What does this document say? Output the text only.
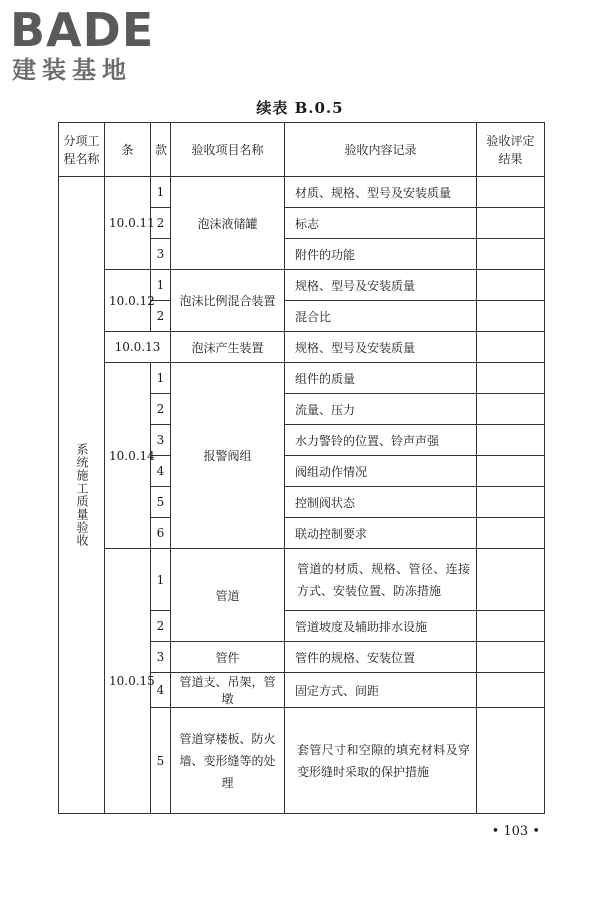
BADE
建装基地
续表 B.0.5
分项工程名称	条	款	验收项目名称	验收内容记录	验收评定结果

系统施工质量验收	10.0.11	1	泡沫液储罐	材质、规格、型号及安装质量	
		2		标志	
		3		附件的功能	
	10.0.12	1	泡沫比例混合装置	规格、型号及安装质量	
		2		混合比	
	10.0.13		泡沫产生装置	规格、型号及安装质量	
	10.0.14	1	报警阀组	组件的质量	
		2		流量、压力	
		3		水力警铃的位置、铃声声强	
		4		阀组动作情况	
		5		控制阀状态	
		6		联动控制要求	
	10.0.15	1	管道	管道的材质、规格、管径、连接方式、安装位置、防冻措施	
		2		管道坡度及辅助排水设施	
		3	管件	管件的规格、安装位置	
		4	管道支、吊架，管墩	固定方式、间距	
		5	管道穿楼板、防火墙、变形缝等的处理	套管尺寸和空隙的填充材料及穿变形缝时采取的保护措施	
• 103 •
